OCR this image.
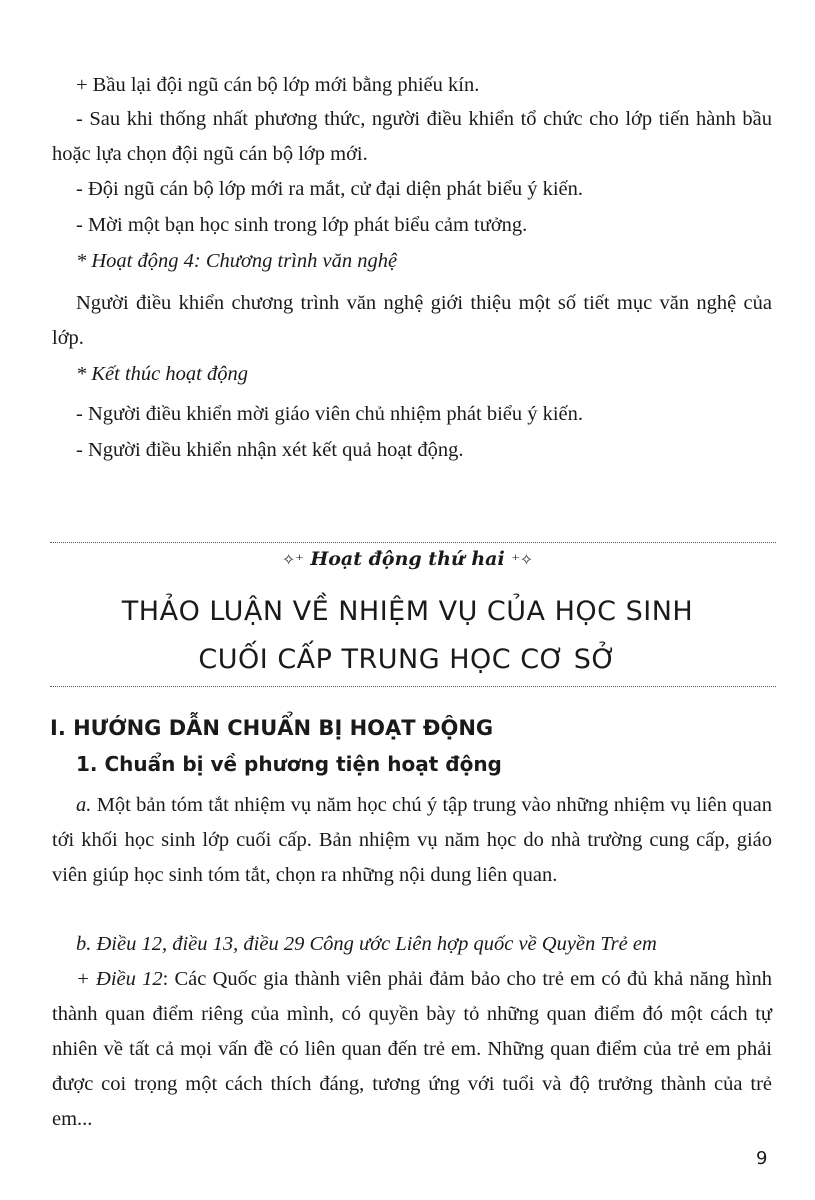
+ Bầu lại đội ngũ cán bộ lớp mới bằng phiếu kín.

- Sau khi thống nhất phương thức, người điều khiển tổ chức cho lớp tiến hành bầu hoặc lựa chọn đội ngũ cán bộ lớp mới.

- Đội ngũ cán bộ lớp mới ra mắt, cử đại diện phát biểu ý kiến.

- Mời một bạn học sinh trong lớp phát biểu cảm tưởng.

* Hoạt động 4: Chương trình văn nghệ

Người điều khiển chương trình văn nghệ giới thiệu một số tiết mục văn nghệ của lớp.

* Kết thúc hoạt động

- Người điều khiển mời giáo viên chủ nhiệm phát biểu ý kiến.

- Người điều khiển nhận xét kết quả hoạt động.

✧⁺ Hoạt động thứ hai ⁺✧
THẢO LUẬN VỀ NHIỆM VỤ CỦA HỌC SINH
CUỐI CẤP TRUNG HỌC CƠ SỞ
I. HƯỚNG DẪN CHUẨN BỊ HOẠT ĐỘNG
1. Chuẩn bị về phương tiện hoạt động

a. Một bản tóm tắt nhiệm vụ năm học chú ý tập trung vào những nhiệm vụ liên quan tới khối học sinh lớp cuối cấp. Bản nhiệm vụ năm học do nhà trường cung cấp, giáo viên giúp học sinh tóm tắt, chọn ra những nội dung liên quan.

b. Điều 12, điều 13, điều 29 Công ước Liên hợp quốc về Quyền Trẻ em

+ Điều 12: Các Quốc gia thành viên phải đảm bảo cho trẻ em có đủ khả năng hình thành quan điểm riêng của mình, có quyền bày tỏ những quan điểm đó một cách tự nhiên về tất cả mọi vấn đề có liên quan đến trẻ em. Những quan điểm của trẻ em phải được coi trọng một cách thích đáng, tương ứng với tuổi và độ trưởng thành của trẻ em...

9
